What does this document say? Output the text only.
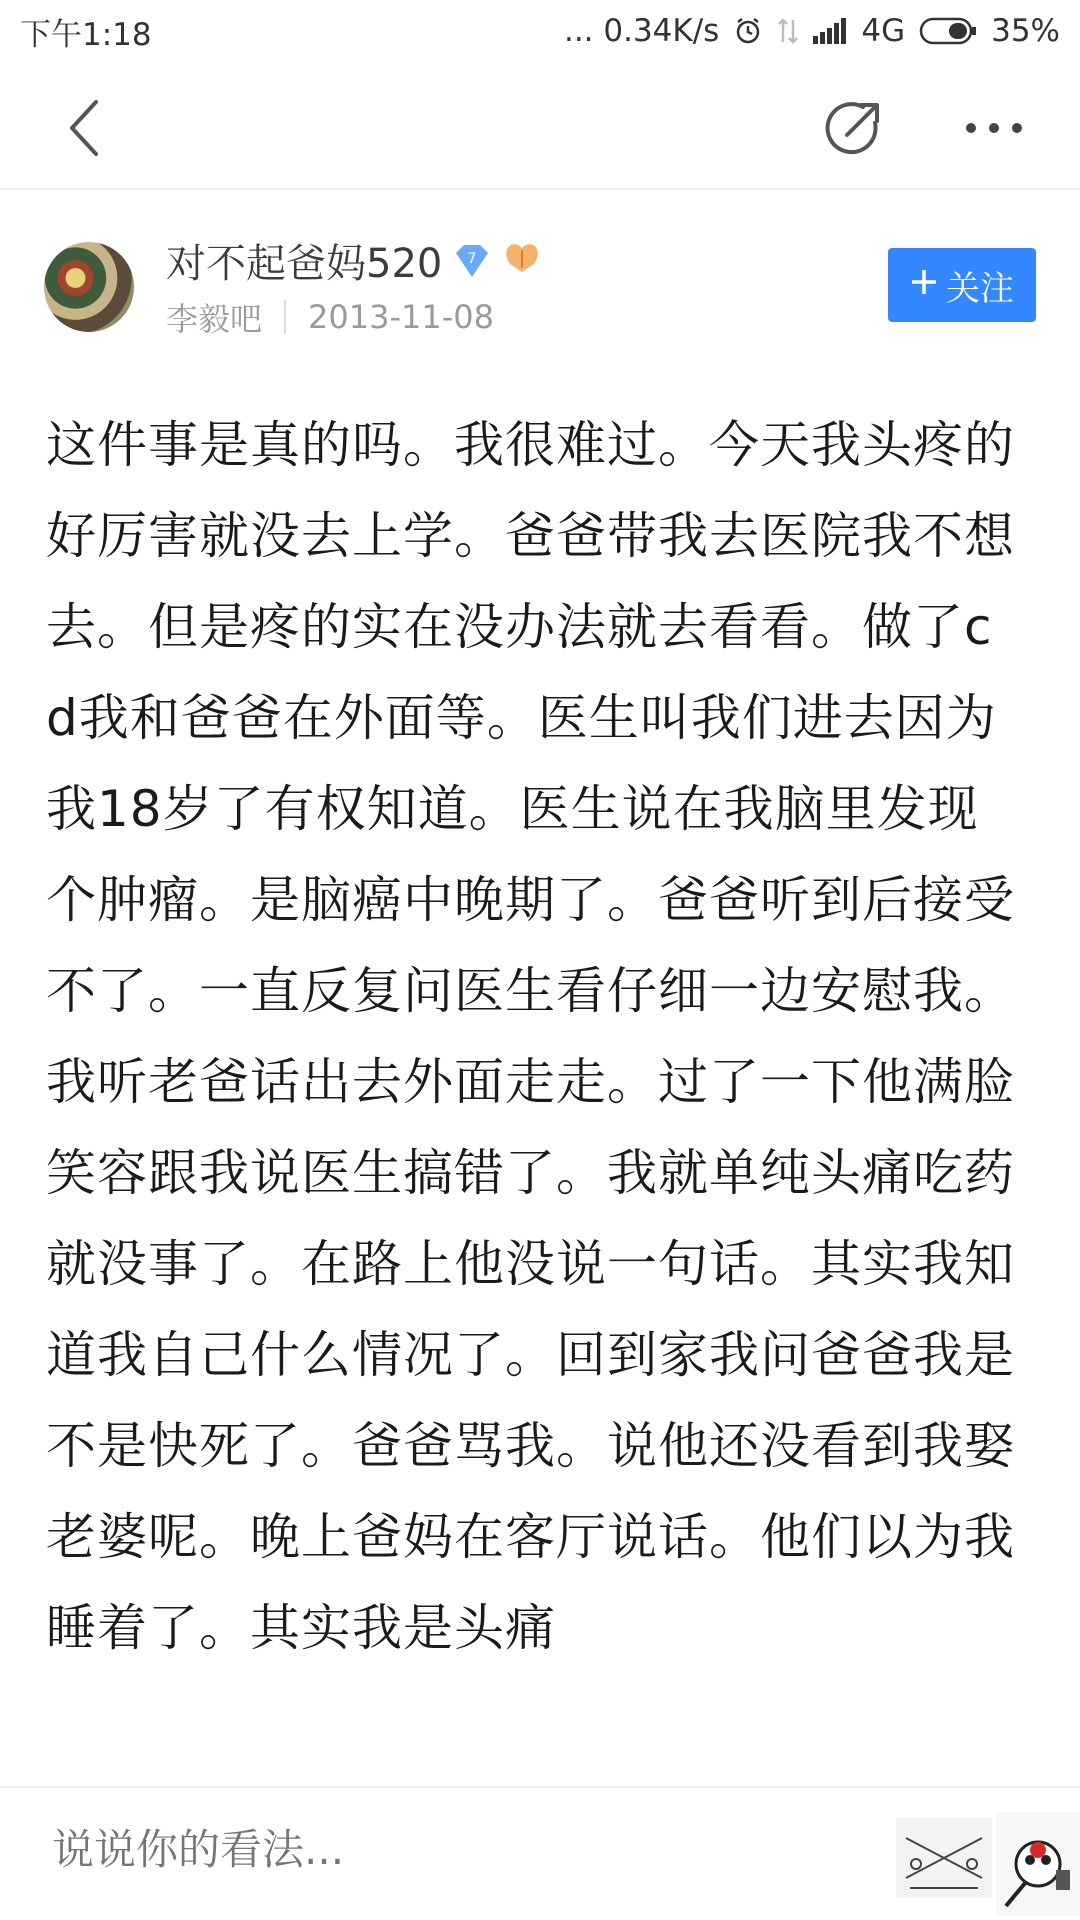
下午1:18	... 0.34K/s	4G	35%
对不起爸妈520 7
李毅吧 2013-11-08
关注
这件事是真的吗。我很难过。今天我头疼的好厉害就没去上学。爸爸带我去医院我不想去。但是疼的实在没办法就去看看。做了cd我和爸爸在外面等。医生叫我们进去因为我18岁了有权知道。医生说在我脑里发现个肿瘤。是脑癌中晚期了。爸爸听到后接受不了。一直反复问医生看仔细一边安慰我。我听老爸话出去外面走走。过了一下他满脸笑容跟我说医生搞错了。我就单纯头痛吃药就没事了。在路上他没说一句话。其实我知道我自己什么情况了。回到家我问爸爸我是不是快死了。爸爸骂我。说他还没看到我娶老婆呢。晚上爸妈在客厅说话。他们以为我睡着了。其实我是头痛
说说你的看法...
